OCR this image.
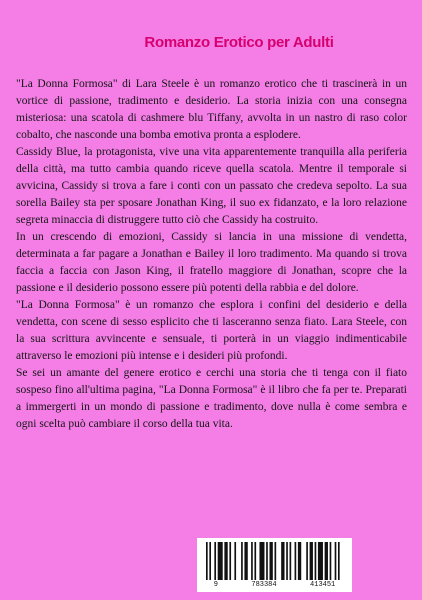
Romanzo Erotico per Adulti

"La Donna Formosa" di Lara Steele è un romanzo erotico che ti trascinerà in un vortice di passione, tradimento e desiderio. La storia inizia con una consegna misteriosa: una scatola di cashmere blu Tiffany, avvolta in un nastro di raso color cobalto, che nasconde una bomba emotiva pronta a esplodere.

Cassidy Blue, la protagonista, vive una vita apparentemente tranquilla alla periferia della città, ma tutto cambia quando riceve quella scatola. Mentre il temporale si avvicina, Cassidy si trova a fare i conti con un passato che credeva sepolto. La sua sorella Bailey sta per sposare Jonathan King, il suo ex fidanzato, e la loro relazione segreta minaccia di distruggere tutto ciò che Cassidy ha costruito.

In un crescendo di emozioni, Cassidy si lancia in una missione di vendetta, determinata a far pagare a Jonathan e Bailey il loro tradimento. Ma quando si trova faccia a faccia con Jason King, il fratello maggiore di Jonathan, scopre che la passione e il desiderio possono essere più potenti della rabbia e del dolore.

"La Donna Formosa" è un romanzo che esplora i confini del desiderio e della vendetta, con scene di sesso esplicito che ti lasceranno senza fiato. Lara Steele, con la sua scrittura avvincente e sensuale, ti porterà in un viaggio indimenticabile attraverso le emozioni più intense e i desideri più profondi.

Se sei un amante del genere erotico e cerchi una storia che ti tenga con il fiato sospeso fino all'ultima pagina, "La Donna Formosa" è il libro che fa per te. Preparati a immergerti in un mondo di passione e tradimento, dove nulla è come sembra e ogni scelta può cambiare il corso della tua vita.

9	783384	413451
